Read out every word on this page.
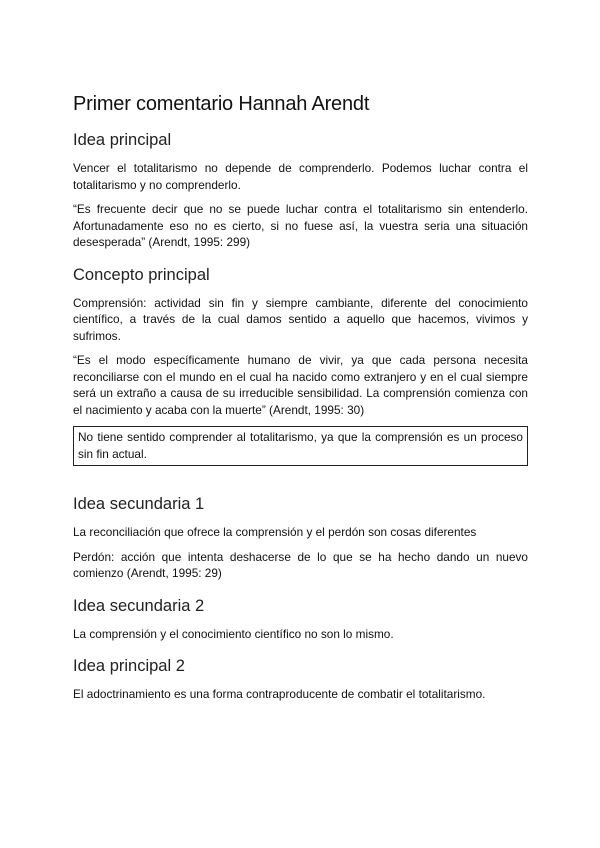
Primer comentario Hannah Arendt
Idea principal

Vencer el totalitarismo no depende de comprenderlo. Podemos luchar contra el totalitarismo y no comprenderlo.

“Es frecuente decir que no se puede luchar contra el totalitarismo sin entenderlo. Afortunadamente eso no es cierto, si no fuese así, la vuestra seria una situación desesperada” (Arendt, 1995: 299)

Concepto principal

Comprensión: actividad sin fin y siempre cambiante, diferente del conocimiento científico, a través de la cual damos sentido a aquello que hacemos, vivimos y sufrimos.

“Es el modo específicamente humano de vivir, ya que cada persona necesita reconciliarse con el mundo en el cual ha nacido como extranjero y en el cual siempre será un extraño a causa de su irreducible sensibilidad. La comprensión comienza con el nacimiento y acaba con la muerte” (Arendt, 1995: 30)

No tiene sentido comprender al totalitarismo, ya que la comprensión es un proceso sin fin actual.

Idea secundaria 1

La reconciliación que ofrece la comprensión y el perdón son cosas diferentes

Perdón: acción que intenta deshacerse de lo que se ha hecho dando un nuevo comienzo (Arendt, 1995: 29)

Idea secundaria 2

La comprensión y el conocimiento científico no son lo mismo.

Idea principal 2

El adoctrinamiento es una forma contraproducente de combatir el totalitarismo.
